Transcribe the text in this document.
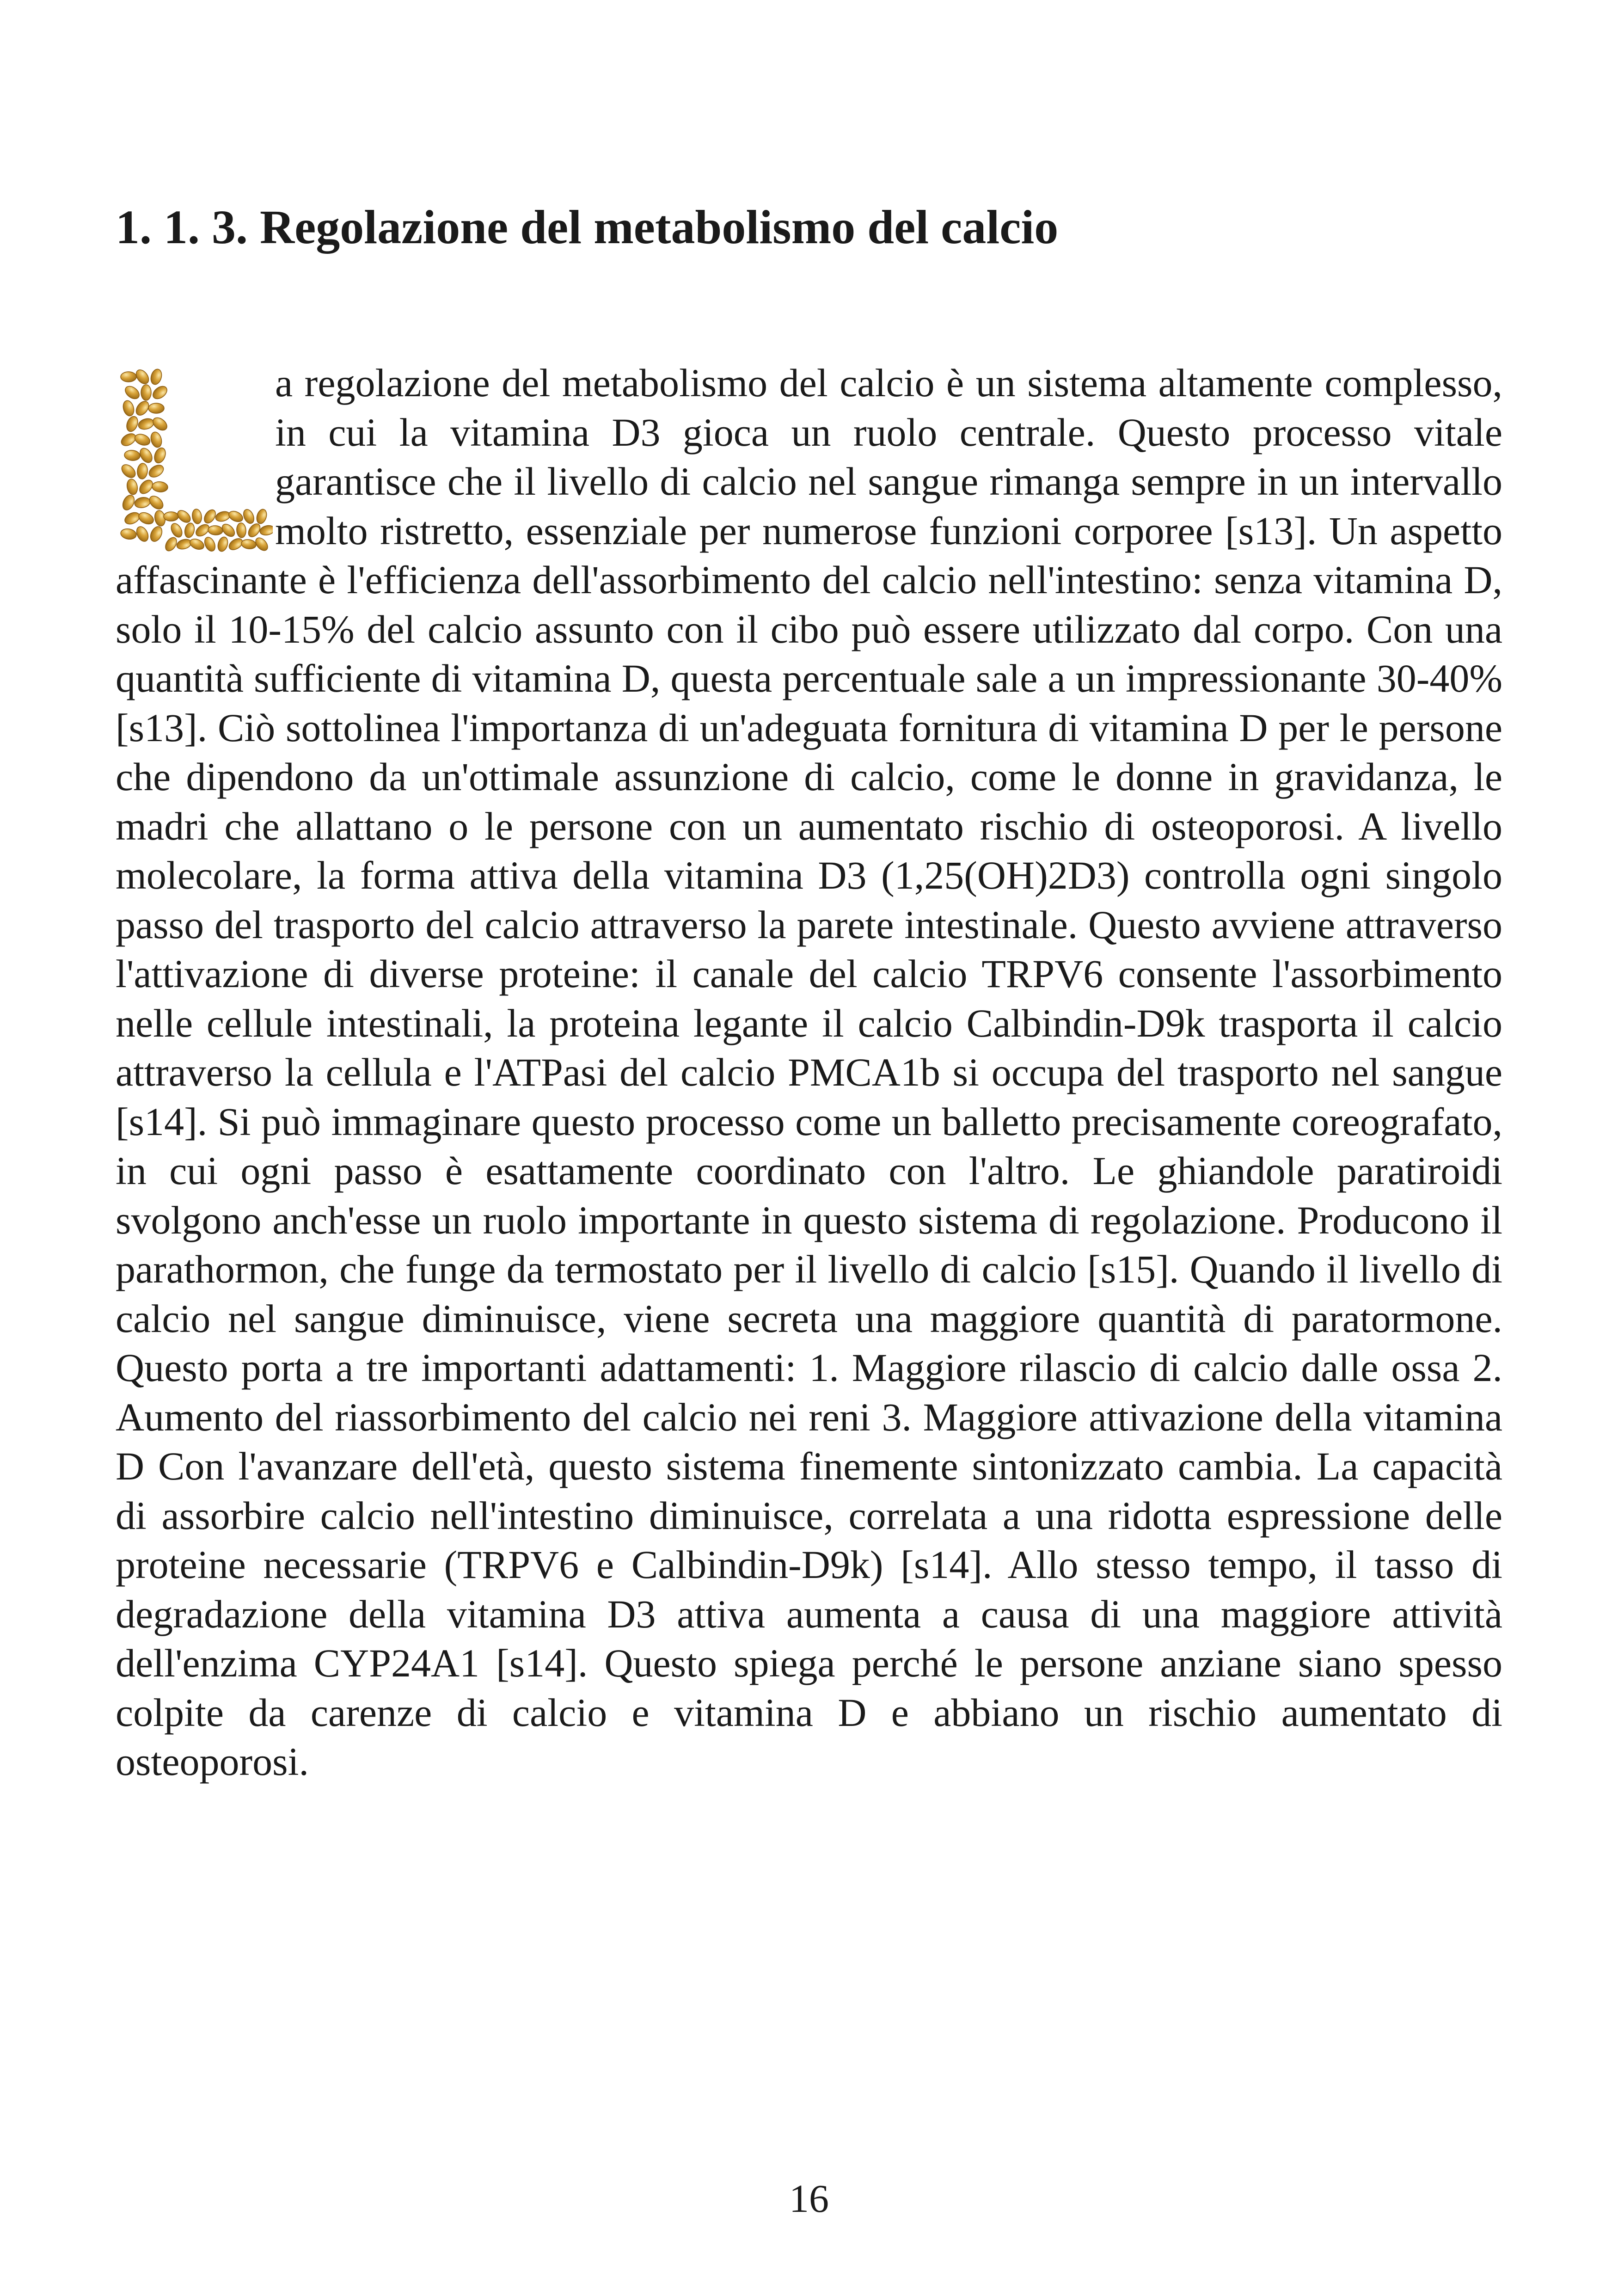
1. 1. 3. Regolazione del metabolismo del calcio

a regolazione del metabolismo del calcio è un sistema altamente complesso, in cui la vitamina D3 gioca un ruolo centrale. Questo processo vitale garantisce che il livello di calcio nel sangue rimanga sempre in un intervallo molto ristretto, essenziale per numerose funzioni corporee [s13]. Un aspetto affascinante è l'efficienza dell'assorbimento del calcio nell'intestino: senza vitamina D, solo il 10-15% del calcio assunto con il cibo può essere utilizzato dal corpo. Con una quantità sufficiente di vitamina D, questa percentuale sale a un impressionante 30-40% [s13]. Ciò sottolinea l'importanza di un'adeguata fornitura di vitamina D per le persone che dipendono da un'ottimale assunzione di calcio, come le donne in gravidanza, le madri che allattano o le persone con un aumentato rischio di osteoporosi. A livello molecolare, la forma attiva della vitamina D3 (1,25(OH)2D3) controlla ogni singolo passo del trasporto del calcio attraverso la parete intestinale. Questo avviene attraverso l'attivazione di diverse proteine: il canale del calcio TRPV6 consente l'assorbimento nelle cellule intestinali, la proteina legante il calcio Calbindin-D9k trasporta il calcio attraverso la cellula e l'ATPasi del calcio PMCA1b si occupa del trasporto nel sangue [s14]. Si può immaginare questo processo come un balletto precisamente coreografato, in cui ogni passo è esattamente coordinato con l'altro. Le ghiandole paratiroidi svolgono anch'esse un ruolo importante in questo sistema di regolazione. Producono il parathormon, che funge da termostato per il livello di calcio [s15]. Quando il livello di calcio nel sangue diminuisce, viene secreta una maggiore quantità di paratormone. Questo porta a tre importanti adattamenti: 1. Maggiore rilascio di calcio dalle ossa 2. Aumento del riassorbimento del calcio nei reni 3. Maggiore attivazione della vitamina D Con l'avanzare dell'età, questo sistema finemente sintonizzato cambia. La capacità di assorbire calcio nell'intestino diminuisce, correlata a una ridotta espressione delle proteine necessarie (TRPV6 e Calbindin-D9k) [s14]. Allo stesso tempo, il tasso di degradazione della vitamina D3 attiva aumenta a causa di una maggiore attività dell'enzima CYP24A1 [s14]. Questo spiega perché le persone anziane siano spesso colpite da carenze di calcio e vitamina D e abbiano un rischio aumentato di osteoporosi.

16
